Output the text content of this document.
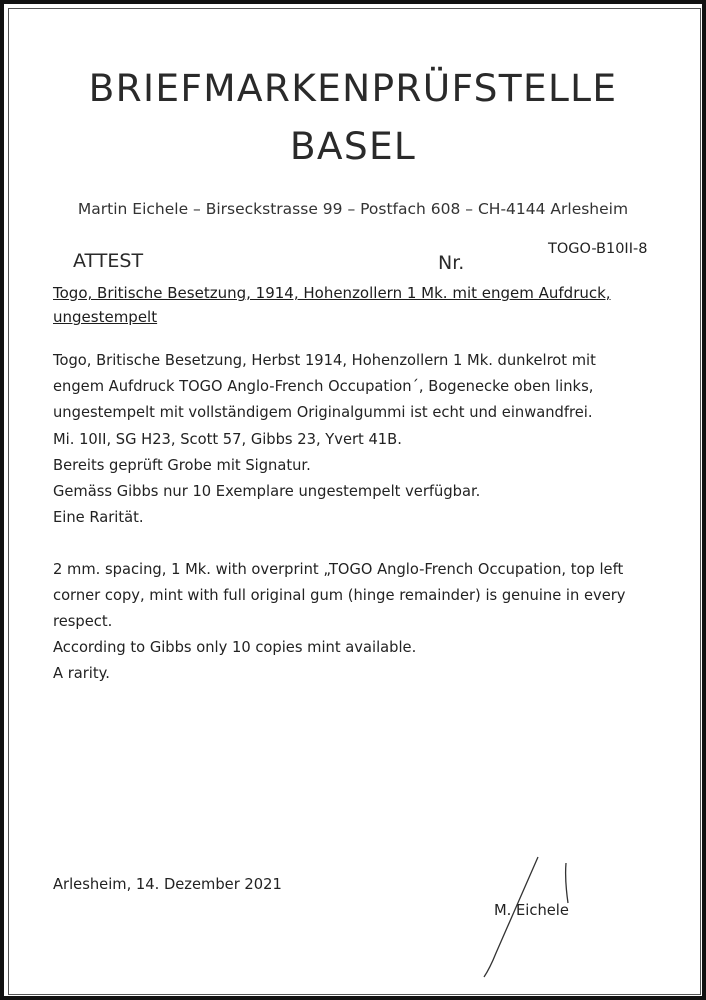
BRIEFMARKENPRÜFSTELLE
BASEL
Martin Eichele – Birseckstrasse 99 – Postfach 608 – CH-4144 Arlesheim
ATTEST	Nr.
TOGO-B10II-8
Togo, Britische Besetzung, 1914, Hohenzollern 1 Mk. mit engem Aufdruck,
ungestempelt
Togo, Britische Besetzung, Herbst 1914, Hohenzollern 1 Mk. dunkelrot mit
engem Aufdruck TOGO Anglo-French Occupation´, Bogenecke oben links,
ungestempelt mit vollständigem Originalgummi ist echt und einwandfrei.
Mi. 10II, SG H23, Scott 57, Gibbs 23, Yvert 41B.
Bereits geprüft Grobe mit Signatur.
Gemäss Gibbs nur 10 Exemplare ungestempelt verfügbar.
Eine Rarität.
2 mm. spacing, 1 Mk. with overprint „TOGO Anglo-French Occupation, top left
corner copy, mint with full original gum (hinge remainder) is genuine in every
respect.
According to Gibbs only 10 copies mint available.
A rarity.
Arlesheim, 14. Dezember 2021
M. Eichele
